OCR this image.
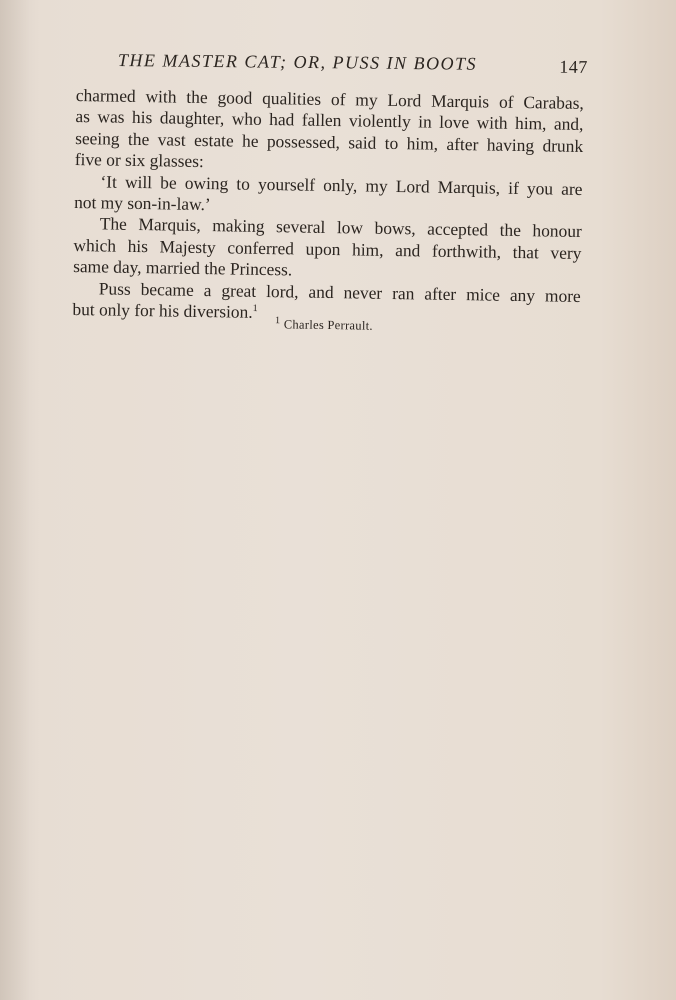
THE MASTER CAT; OR, PUSS IN BOOTS	147
charmed with the good qualities of my Lord Marquis of Carabas,
as was his daughter, who had fallen violently in love with him, and,
seeing the vast estate he possessed, said to him, after having drunk
five or six glasses:
‘It will be owing to yourself only, my Lord Marquis, if you are
not my son-in-law.’
The Marquis, making several low bows, accepted the honour
which his Majesty conferred upon him, and forthwith, that very
same day, married the Princess.
Puss became a great lord, and never ran after mice any more
but only for his diversion.$^1$
$^1$ Charles Perrault.
